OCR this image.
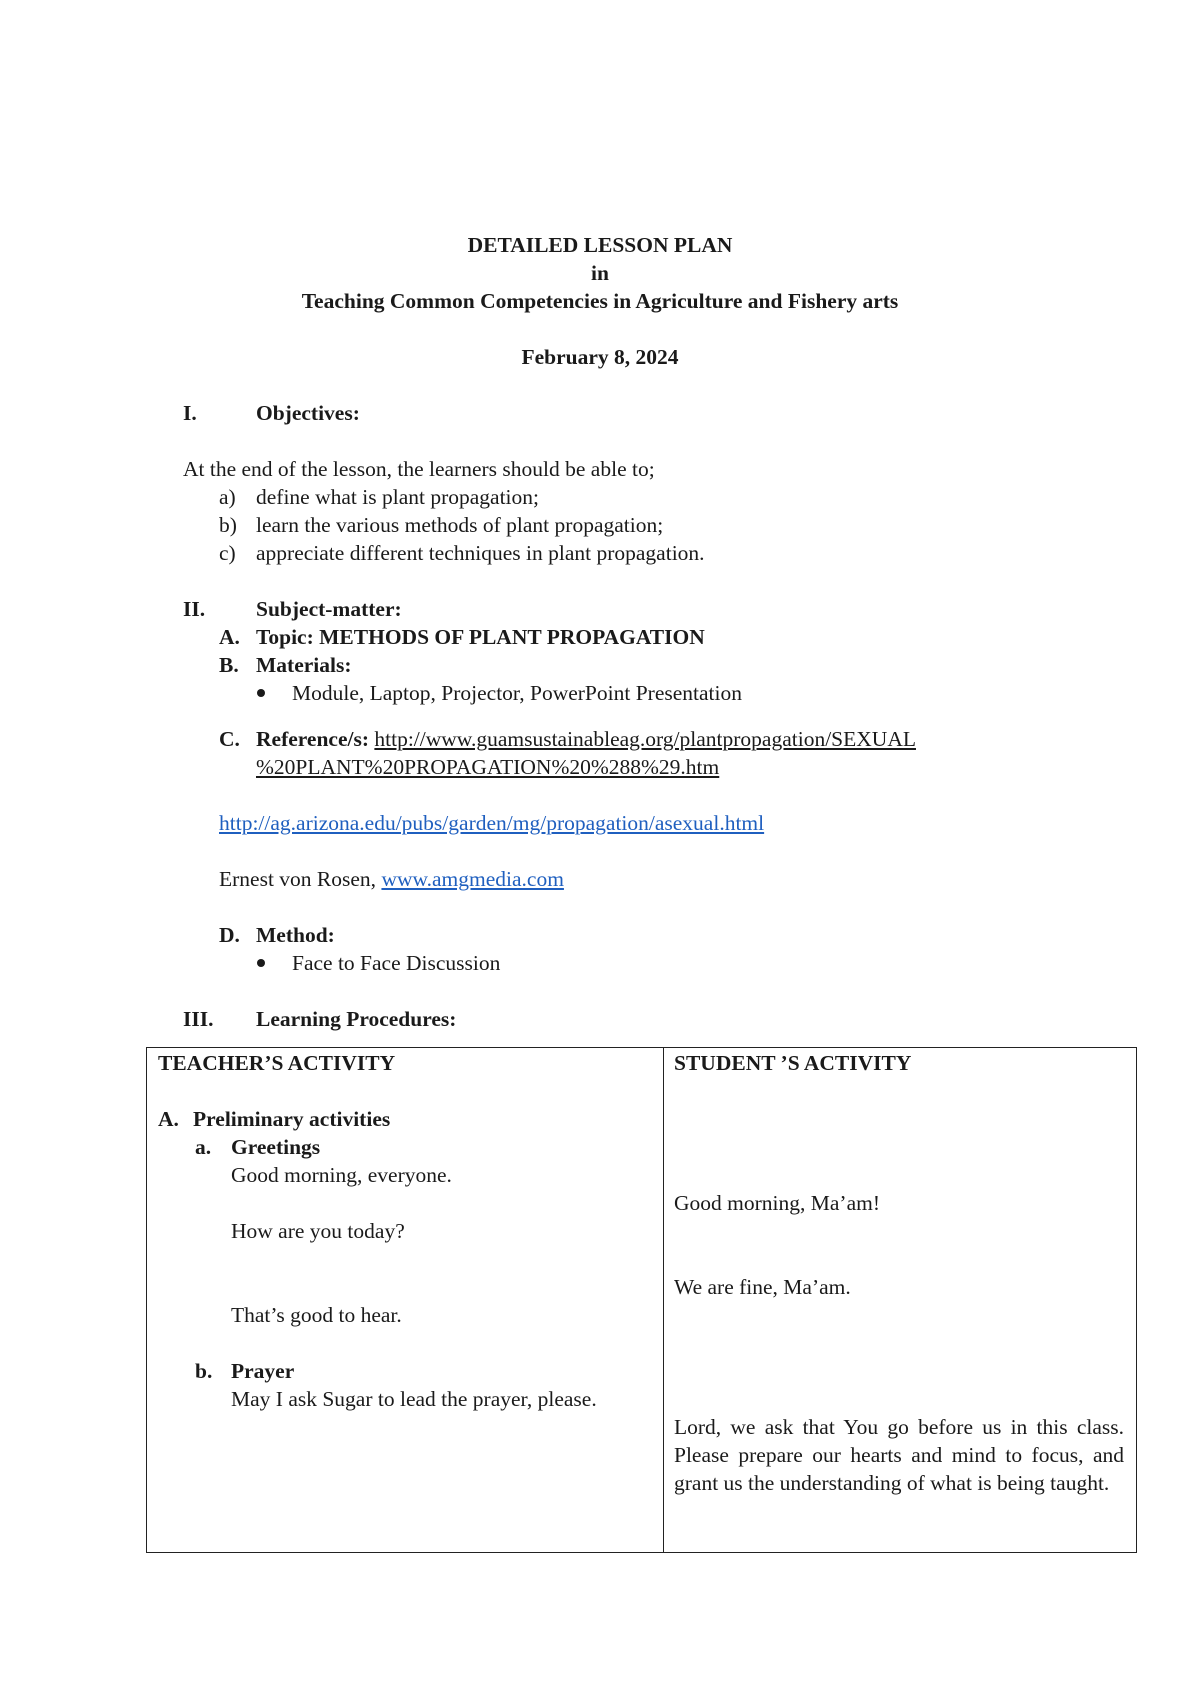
DETAILED LESSON PLAN
in
Teaching Common Competencies in Agriculture and Fishery arts
February 8, 2024
I.	Objectives:
At the end of the lesson, the learners should be able to;
a) define what is plant propagation;
b) learn the various methods of plant propagation;
c) appreciate different techniques in plant propagation.
II. Subject-matter:
A. Topic: METHODS OF PLANT PROPAGATION
B. Materials:
Module, Laptop, Projector, PowerPoint Presentation
C. Reference/s: http://www.guamsustainableag.org/plantpropagation/SEXUAL
%20PLANT%20PROPAGATION%20%288%29.htm
http://ag.arizona.edu/pubs/garden/mg/propagation/asexual.html
Ernest von Rosen, www.amgmedia.com
D. Method:
Face to Face Discussion
III. Learning Procedures:
TEACHER’S ACTIVITY
A. Preliminary activities
a. Greetings
Good morning, everyone.
How are you today?
That’s good to hear.
b. Prayer
May I ask Sugar to lead the prayer, please.
STUDENT ’S ACTIVITY
Good morning, Ma’am!
We are fine, Ma’am.
Lord, we ask that You go before us in this class. Please prepare our hearts and mind to focus, and grant us the understanding of what is being taught.
